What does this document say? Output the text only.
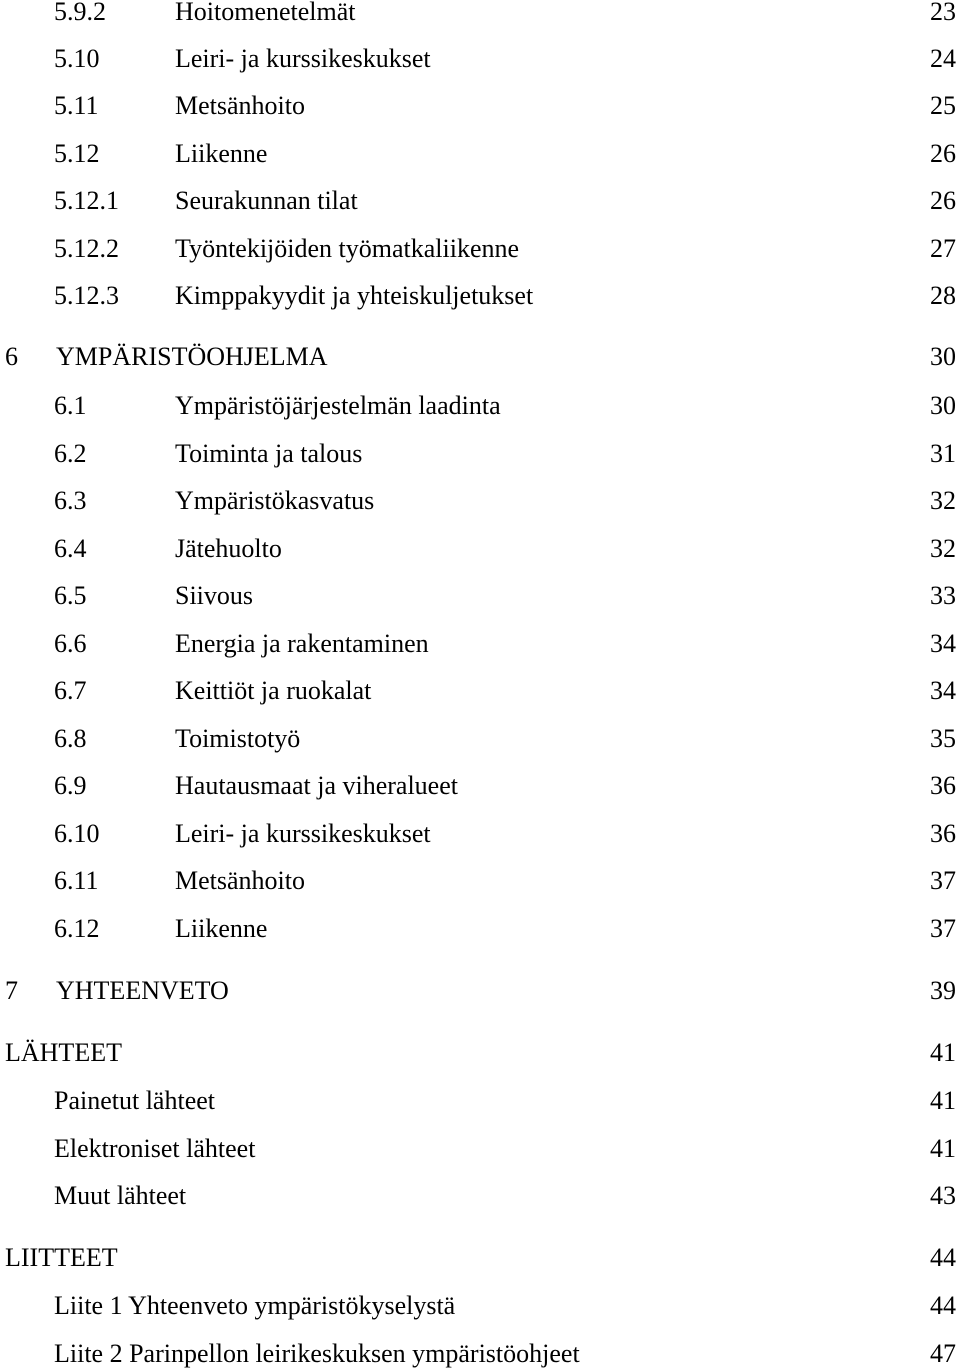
5.9.2	Hoitomenetelmät	23
5.10	Leiri- ja kurssikeskukset	24
5.11	Metsänhoito	25
5.12	Liikenne	26
5.12.1 Seurakunnan tilat	26
5.12.2 Työntekijöiden työmatkaliikenne	27
5.12.3 Kimppakyydit ja yhteiskuljetukset	28
6 YMPÄRISTÖOHJELMA	30
6.1	Ympäristöjärjestelmän laadinta	30
6.2	Toiminta ja talous	31
6.3	Ympäristökasvatus	32
6.4	Jätehuolto	32
6.5	Siivous	33
6.6	Energia ja rakentaminen	34
6.7	Keittiöt ja ruokalat	34
6.8	Toimistotyö	35
6.9	Hautausmaat ja viheralueet	36
6.10	Leiri- ja kurssikeskukset	36
6.11	Metsänhoito	37
6.12	Liikenne	37
7 YHTEENVETO	39
LÄHTEET	41
Painetut lähteet	41
Elektroniset lähteet	41
Muut lähteet	43
LIITTEET	44
Liite 1 Yhteenveto ympäristökyselystä	44
Liite 2 Parinpellon leirikeskuksen ympäristöohjeet	47
